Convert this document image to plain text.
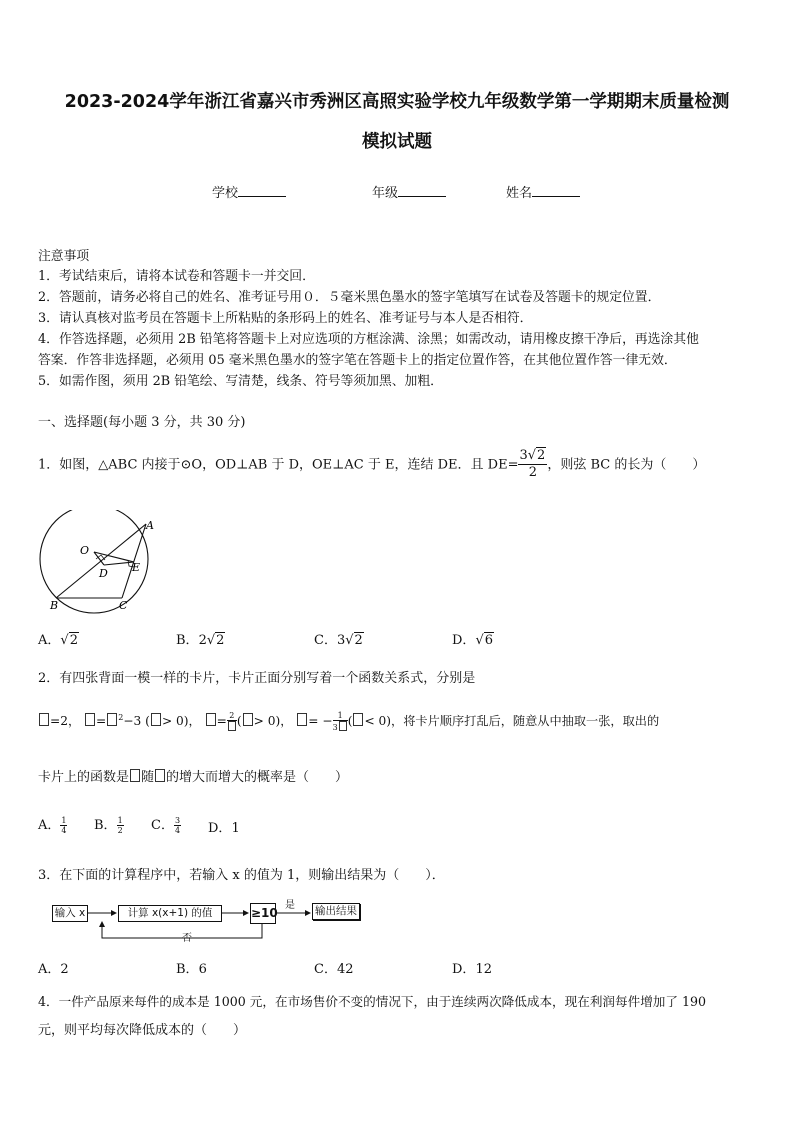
2023-2024学年浙江省嘉兴市秀洲区高照实验学校九年级数学第一学期期末质量检测
模拟试题
学校	年级	姓名
注意事项
1．考试结束后，请将本试卷和答题卡一并交回．
2．答题前，请务必将自己的姓名、准考证号用０．５毫米黑色墨水的签字笔填写在试卷及答题卡的规定位置．
3．请认真核对监考员在答题卡上所粘贴的条形码上的姓名、准考证号与本人是否相符．
4．作答选择题，必须用 2B 铅笔将答题卡上对应选项的方框涂满、涂黑；如需改动，请用橡皮擦干净后，再选涂其他
答案．作答非选择题，必须用 05 毫米黑色墨水的签字笔在答题卡上的指定位置作答，在其他位置作答一律无效．
5．如需作图，须用 2B 铅笔绘、写清楚，线条、符号等须加黑、加粗．
一、选择题(每小题 3 分，共 30 分)
1．如图，△ABC 内接于⊙O，OD⊥AB 于 D，OE⊥AC 于 E，连结 DE．且 $DE= \frac{3√2}{2}$ ，则弦 BC 的长为（　　）
A
O
D E
B	C
A．√2	B．2√2	C．3√2	D．√6
2．有四张背面一模一样的卡片，卡片正面分别写着一个函数关系式，分别是
=2， = $^2$−3 ( > 0)， = 2 ( > 0)， = − $\frac{1}{3}$ ( < 0)，将卡片顺序打乱后，随意从中抽取一张，取出的
卡片上的函数是 随 的增大而增大的概率是（　　）
A． $\frac{1}{4}$ B． $\frac{1}{2}$ C． $\frac{3}{4}$ D．1
3．在下面的计算程序中，若输入 x 的值为 1，则输出结果为（　　）．
输入 x	计算 x(x+1) 的值	≥10	输出结果
是
否
A．2	B．6	C．42	D．12
4．一件产品原来每件的成本是 1000 元，在市场售价不变的情况下，由于连续两次降低成本，现在利润每件增加了 190
元，则平均每次降低成本的（　　）
